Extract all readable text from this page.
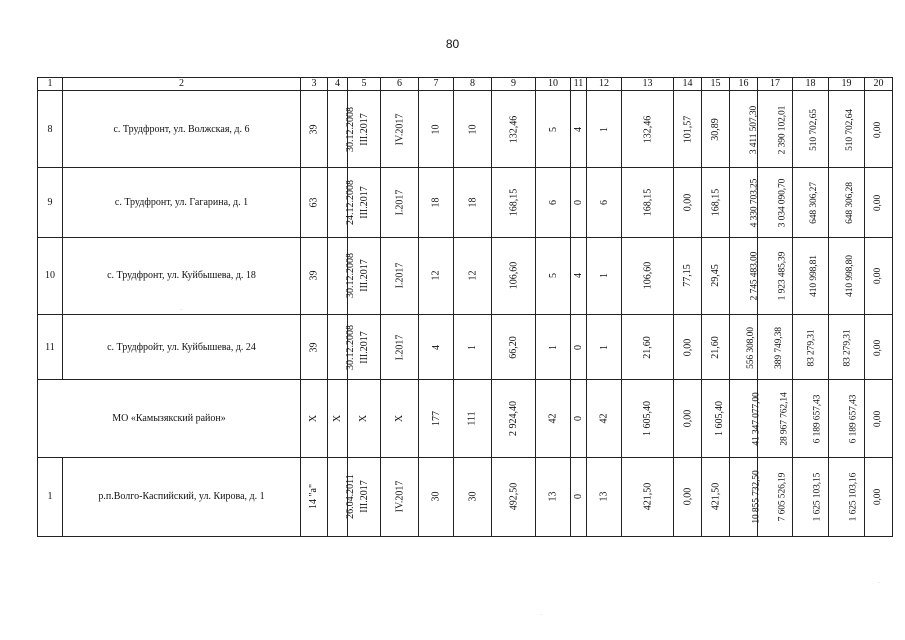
80
1	2	3	4	5	6	7	8	9	10	11	12	13	14	15	16	17	18	19	20
8	с. Трудфронт, ул. Волжская, д. 6	39	30.12.2008	III.2017	IV.2017	10	10	132,46	5	4	1	132,46	101,57	30,89	3 411 507,30	2 390 102,01	510 702,65	510 702,64	0,00
9	с. Трудфронт, ул. Гагарина, д. 1	63	24.12.2008	III.2017	I.2017	18	18	168,15	6	0	6	168,15	0,00	168,15	4 330 703,25	3 034 090,70	648 306,27	648 306,28	0,00
10	с. Трудфронт, ул. Куйбышева, д. 18	39	30.12.2008	III.2017	I.2017	12	12	106,60	5	4	1	106,60	77,15	29,45	2 745 483,00	1 923 485,39	410 998,81	410 998,80	0,00
11	с. Трудфройт, ул. Куйбышева, д. 24	39	30.12.2008	III.2017	I.2017	4	1	66,20	1	0	1	21,60	0,00	21,60	556 308,00	389 749,38	83 279,31	83 279,31	0,00
МО «Камызякский район»		X	X	X	X	177	111	2 924,40	42	0	42	1 605,40	0,00	1 605,40	41 347 077,00	28 967 762,14	6 189 657,43	6 189 657,43	0,00
1	р.п.Волго-Каспийский, ул. Кирова, д. 1	14 "а"	26.04.2011	III.2017	IV.2017	30	30	492,50	13	0	13	421,50	0,00	421,50	10 855 732,50	7 605 526,19	1 625 103,15	1 625 103,16	0,00
·
·
·
